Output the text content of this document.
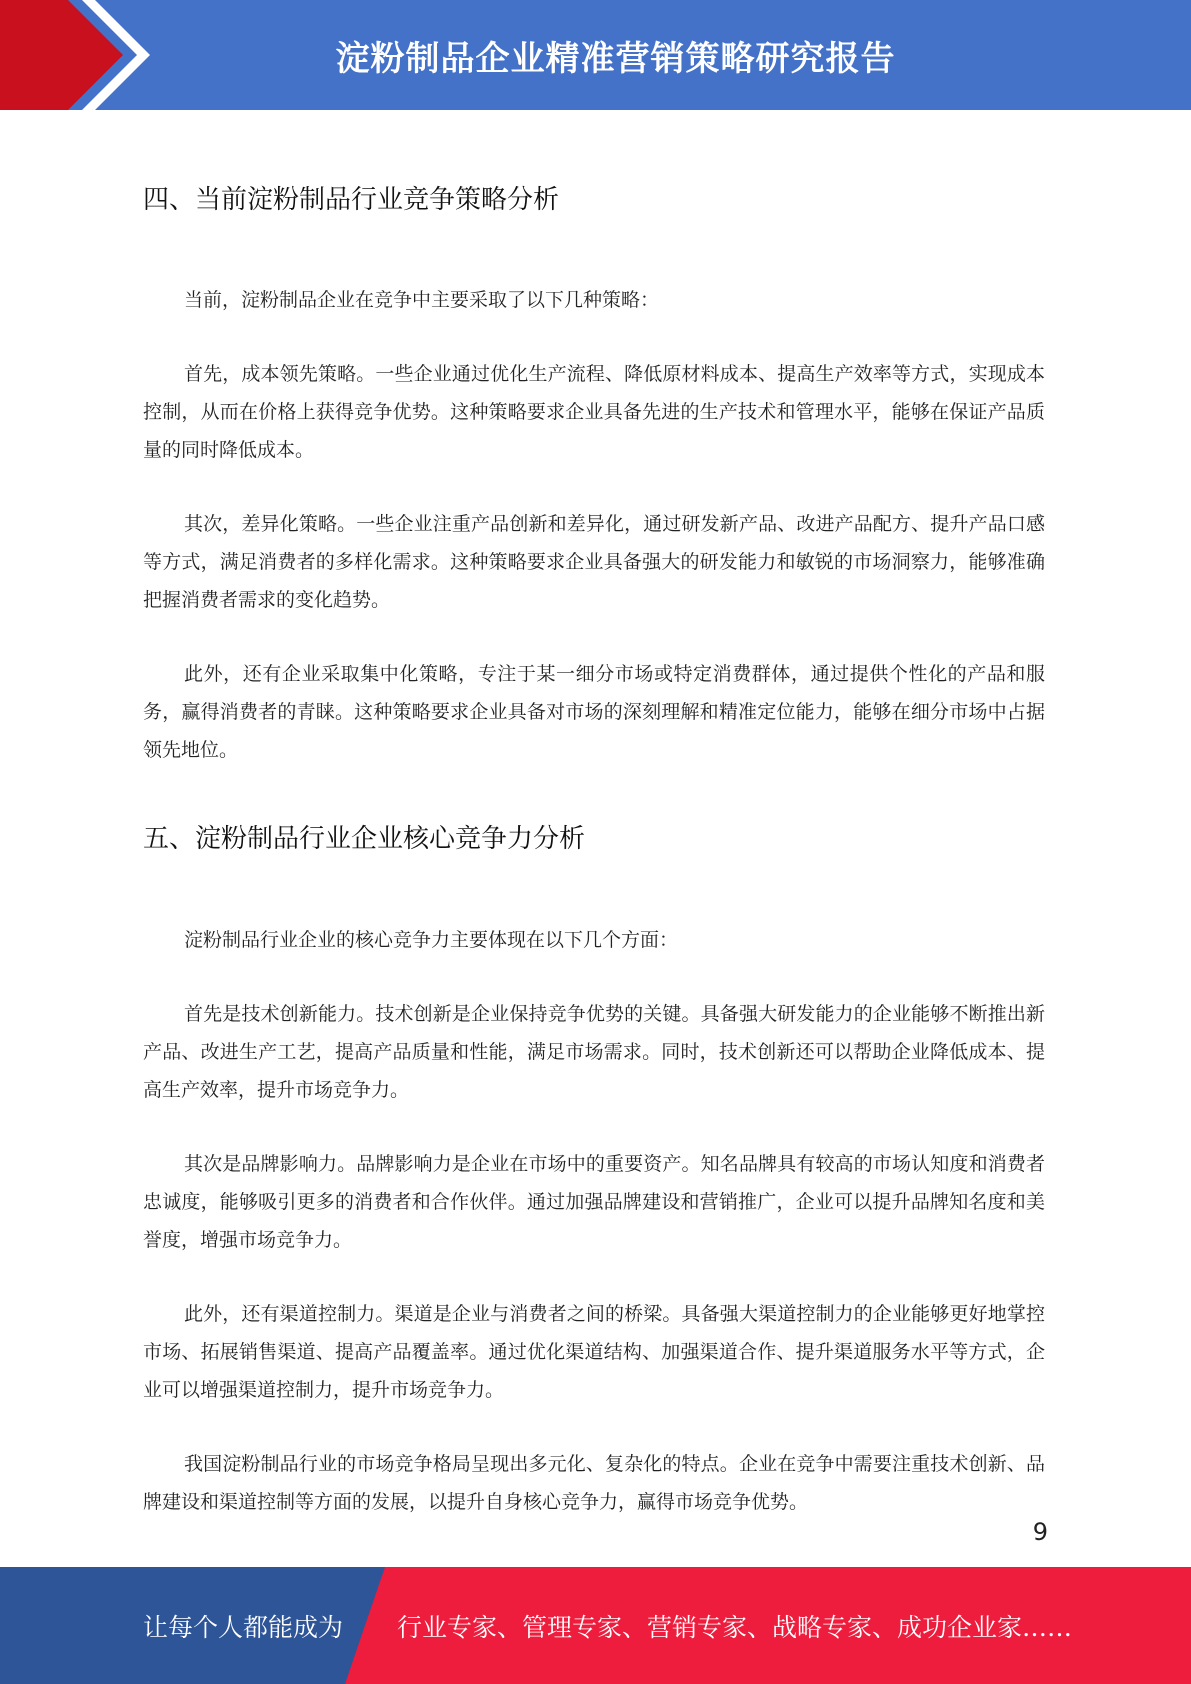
淀粉制品企业精准营销策略研究报告
四、当前淀粉制品行业竞争策略分析

当前，淀粉制品企业在竞争中主要采取了以下几种策略：

首先，成本领先策略。一些企业通过优化生产流程、降低原材料成本、提高生产效率等方式，实现成本控制，从而在价格上获得竞争优势。这种策略要求企业具备先进的生产技术和管理水平，能够在保证产品质量的同时降低成本。

其次，差异化策略。一些企业注重产品创新和差异化，通过研发新产品、改进产品配方、提升产品口感等方式，满足消费者的多样化需求。这种策略要求企业具备强大的研发能力和敏锐的市场洞察力，能够准确把握消费者需求的变化趋势。

此外，还有企业采取集中化策略，专注于某一细分市场或特定消费群体，通过提供个性化的产品和服务，赢得消费者的青睐。这种策略要求企业具备对市场的深刻理解和精准定位能力，能够在细分市场中占据领先地位。

五、淀粉制品行业企业核心竞争力分析

淀粉制品行业企业的核心竞争力主要体现在以下几个方面：

首先是技术创新能力。技术创新是企业保持竞争优势的关键。具备强大研发能力的企业能够不断推出新产品、改进生产工艺，提高产品质量和性能，满足市场需求。同时，技术创新还可以帮助企业降低成本、提高生产效率，提升市场竞争力。

其次是品牌影响力。品牌影响力是企业在市场中的重要资产。知名品牌具有较高的市场认知度和消费者忠诚度，能够吸引更多的消费者和合作伙伴。通过加强品牌建设和营销推广，企业可以提升品牌知名度和美誉度，增强市场竞争力。

此外，还有渠道控制力。渠道是企业与消费者之间的桥梁。具备强大渠道控制力的企业能够更好地掌控市场、拓展销售渠道、提高产品覆盖率。通过优化渠道结构、加强渠道合作、提升渠道服务水平等方式，企业可以增强渠道控制力，提升市场竞争力。

我国淀粉制品行业的市场竞争格局呈现出多元化、复杂化的特点。企业在竞争中需要注重技术创新、品牌建设和渠道控制等方面的发展，以提升自身核心竞争力，赢得市场竞争优势。

9
让每个人都能成为 行业专家、管理专家、营销专家、战略专家、成功企业家……
